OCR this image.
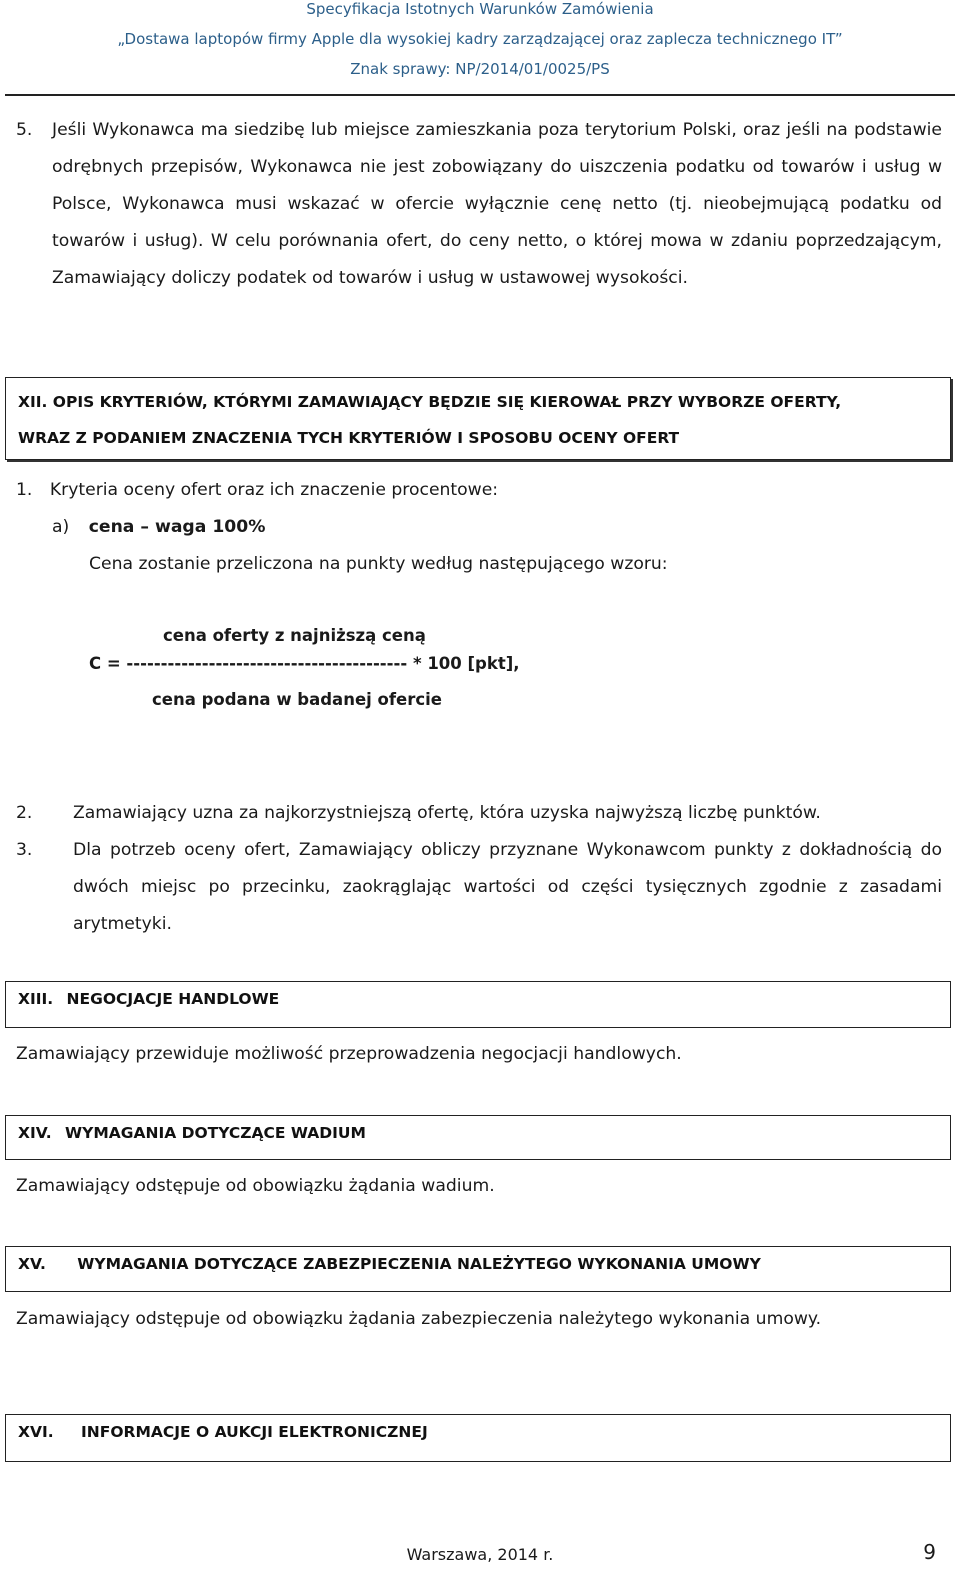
Specyfikacja Istotnych Warunków Zamówienia
„Dostawa laptopów firmy Apple dla wysokiej kadry zarządzającej oraz zaplecza technicznego IT”
Znak sprawy: NP/2014/01/0025/PS
5.	Jeśli Wykonawca ma siedzibę lub miejsce zamieszkania poza terytorium Polski, oraz jeśli na podstawie odrębnych przepisów, Wykonawca nie jest zobowiązany do uiszczenia podatku od towarów i usług w Polsce, Wykonawca musi wskazać w ofercie wyłącznie cenę netto (tj. nieobejmującą podatku od towarów i usług). W celu porównania ofert, do ceny netto, o której mowa w zdaniu poprzedzającym, Zamawiający doliczy podatek od towarów i usług w ustawowej wysokości.
XII. OPIS KRYTERIÓW, KTÓRYMI ZAMAWIAJĄCY BĘDZIE SIĘ KIEROWAŁ PRZY WYBORZE OFERTY,
WRAZ Z PODANIEM ZNACZENIA TYCH KRYTERIÓW I SPOSOBU OCENY OFERT
1. Kryteria oceny ofert oraz ich znaczenie procentowe:
a) cena – waga 100%
Cena zostanie przeliczona na punkty według następującego wzoru:
cena oferty z najniższą ceną
C = ----------------------------------------- * 100 [pkt],
cena podana w badanej ofercie
2.	Zamawiający uzna za najkorzystniejszą ofertę, która uzyska najwyższą liczbę punktów.
3.	Dla potrzeb oceny ofert, Zamawiający obliczy przyznane Wykonawcom punkty z dokładnością do dwóch miejsc po przecinku, zaokrąglając wartości od części tysięcznych zgodnie z zasadami arytmetyki.
XIII. NEGOCJACJE HANDLOWE
Zamawiający przewiduje możliwość przeprowadzenia negocjacji handlowych.
XIV. WYMAGANIA DOTYCZĄCE WADIUM
Zamawiający odstępuje od obowiązku żądania wadium.
XV. WYMAGANIA DOTYCZĄCE ZABEZPIECZENIA NALEŻYTEGO WYKONANIA UMOWY
Zamawiający odstępuje od obowiązku żądania zabezpieczenia należytego wykonania umowy.
XVI. INFORMACJE O AUKCJI ELEKTRONICZNEJ
Warszawa, 2014 r.	9
